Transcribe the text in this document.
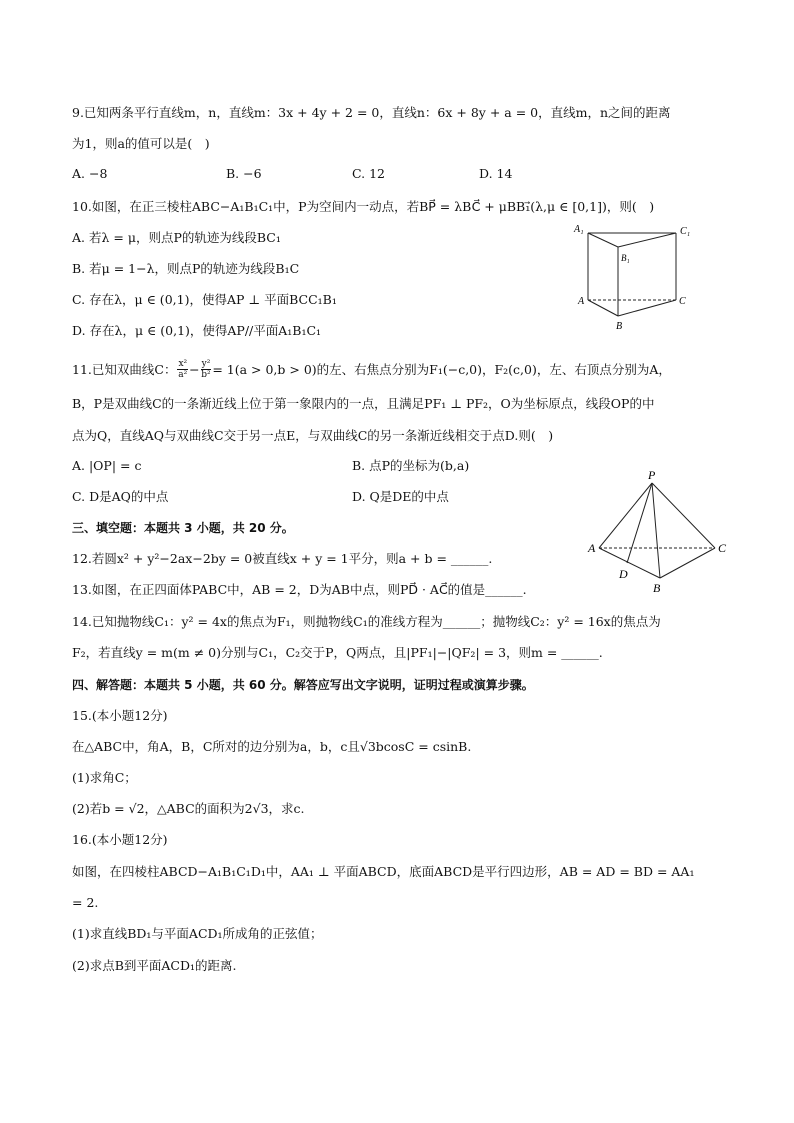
9.已知两条平行直线m，n，直线m：3x + 4y + 2 = 0，直线n：6x + 8y + a = 0，直线m，n之间的距离
为1，则a的值可以是(　)
A. −8	B. −6	C. 12	D. 14
10.如图，在正三棱柱ABC−A₁B₁C₁中，P为空间内一动点，若BP⃗ = λBC⃗ + μBB₁⃗(λ,μ ∈ [0,1])，则(　)
A. 若λ = μ，则点P的轨迹为线段BC₁
B. 若μ = 1−λ，则点P的轨迹为线段B₁C
C. 存在λ，μ ∈ (0,1)，使得AP ⊥ 平面BCC₁B₁
D. 存在λ，μ ∈ (0,1)，使得AP//平面A₁B₁C₁
A₁	C₁
B₁
A	C
B
11.已知双曲线C： $\frac{\text{x²}}{\text{a²}} - \frac{\text{y²}}{\text{b²}} = 1(a > 0,b > 0)$的左、右焦点分别为F₁(−c,0)，F₂(c,0)，左、右顶点分别为A，
B，P是双曲线C的一条渐近线上位于第一象限内的一点，且满足PF₁ ⊥ PF₂，O为坐标原点，线段OP的中
点为Q，直线AQ与双曲线C交于另一点E，与双曲线C的另一条渐近线相交于点D.则(　)
A. |OP| = c	B. 点P的坐标为(b,a)
C. D是AQ的中点	D. Q是DE的中点
三、填空题：本题共 3 小题，共 20 分。
12.若圆x² + y²−2ax−2by = 0被直线x + y = 1平分，则a + b = ______.
13.如图，在正四面体PABC中，AB = 2，D为AB中点，则PD⃗ · AC⃗的值是______.
P
A	C
D
B
14.已知抛物线C₁：y² = 4x的焦点为F₁，则抛物线C₁的准线方程为______；抛物线C₂：y² = 16x的焦点为
F₂，若直线y = m(m ≠ 0)分别与C₁，C₂交于P，Q两点，且|PF₁|−|QF₂| = 3，则m = ______.
四、解答题：本题共 5 小题，共 60 分。解答应写出文字说明，证明过程或演算步骤。
15.(本小题12分)
在△ABC中，角A，B，C所对的边分别为a，b，c且√3bcosC = csinB.
(1)求角C；
(2)若b = √2，△ABC的面积为2√3，求c.
16.(本小题12分)
如图，在四棱柱ABCD−A₁B₁C₁D₁中，AA₁ ⊥ 平面ABCD，底面ABCD是平行四边形，AB = AD = BD = AA₁
= 2.
(1)求直线BD₁与平面ACD₁所成角的正弦值；
(2)求点B到平面ACD₁的距离.
